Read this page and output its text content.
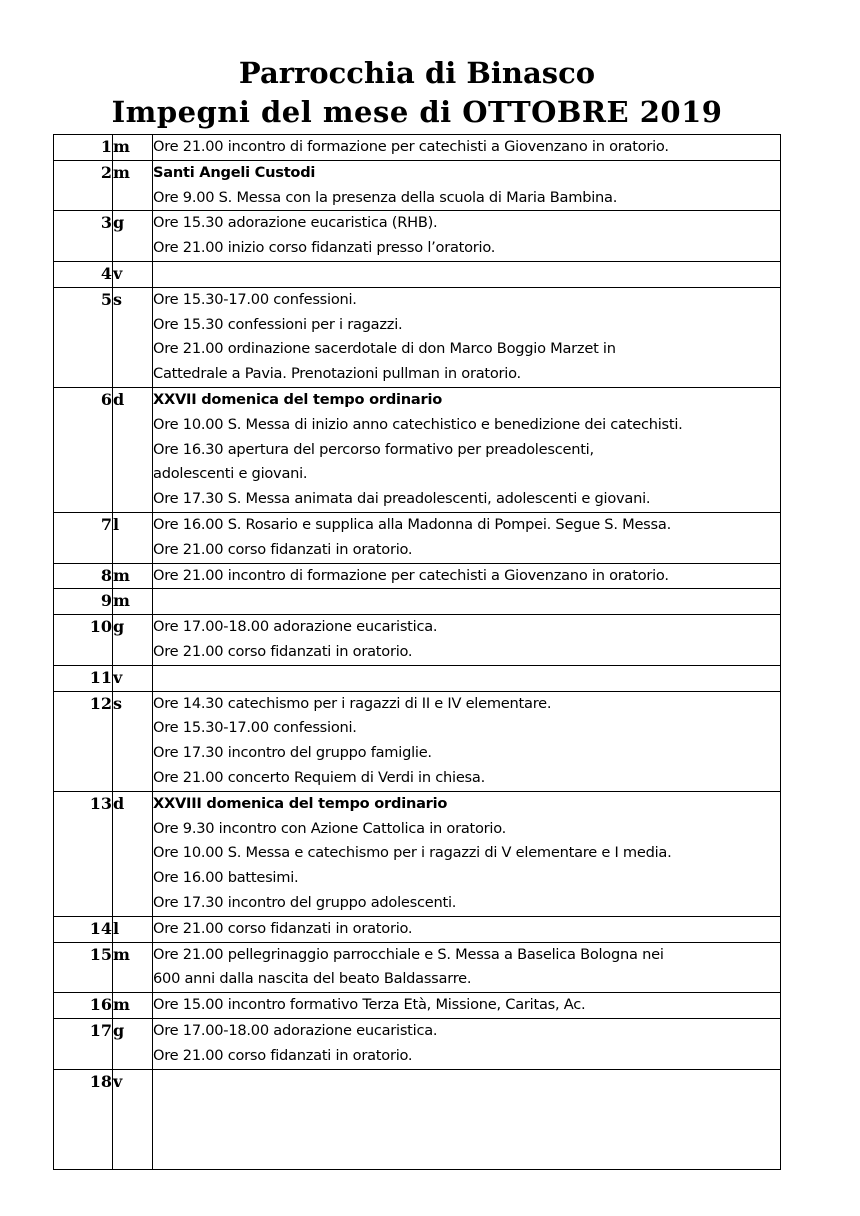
Parrocchia di Binasco
Impegni del mese di OTTOBRE 2019
1	m	Ore 21.00 incontro di formazione per catechisti a Giovenzano in oratorio.

2	m	Santi Angeli Custodi
Ore 9.00 S. Messa con la presenza della scuola di Maria Bambina.

3	g	Ore 15.30 adorazione eucaristica (RHB).
Ore 21.00 inizio corso fidanzati presso l’oratorio.

4	v	
5	s	Ore 15.30-17.00 confessioni.
Ore 15.30 confessioni per i ragazzi.
Ore 21.00 ordinazione sacerdotale di don Marco Boggio Marzet in
Cattedrale a Pavia. Prenotazioni pullman in oratorio.

6	d	XXVII domenica del tempo ordinario
Ore 10.00 S. Messa di inizio anno catechistico e benedizione dei catechisti.
Ore 16.30 apertura del percorso formativo per preadolescenti,
adolescenti e giovani.
Ore 17.30 S. Messa animata dai preadolescenti, adolescenti e giovani.

7	l	Ore 16.00 S. Rosario e supplica alla Madonna di Pompei. Segue S. Messa.
Ore 21.00 corso fidanzati in oratorio.

8	m	Ore 21.00 incontro di formazione per catechisti a Giovenzano in oratorio.

9	m	
10	g	Ore 17.00-18.00 adorazione eucaristica.
Ore 21.00 corso fidanzati in oratorio.

11	v	
12	s	Ore 14.30 catechismo per i ragazzi di II e IV elementare.
Ore 15.30-17.00 confessioni.
Ore 17.30 incontro del gruppo famiglie.
Ore 21.00 concerto Requiem di Verdi in chiesa.

13	d	XXVIII domenica del tempo ordinario
Ore 9.30 incontro con Azione Cattolica in oratorio.
Ore 10.00 S. Messa e catechismo per i ragazzi di V elementare e I media.
Ore 16.00 battesimi.
Ore 17.30 incontro del gruppo adolescenti.

14	l	Ore 21.00 corso fidanzati in oratorio.

15	m	Ore 21.00 pellegrinaggio parrocchiale e S. Messa a Baselica Bologna nei
600 anni dalla nascita del beato Baldassarre.

16	m	Ore 15.00 incontro formativo Terza Età, Missione, Caritas, Ac.

17	g	Ore 17.00-18.00 adorazione eucaristica.
Ore 21.00 corso fidanzati in oratorio.

18	v	
